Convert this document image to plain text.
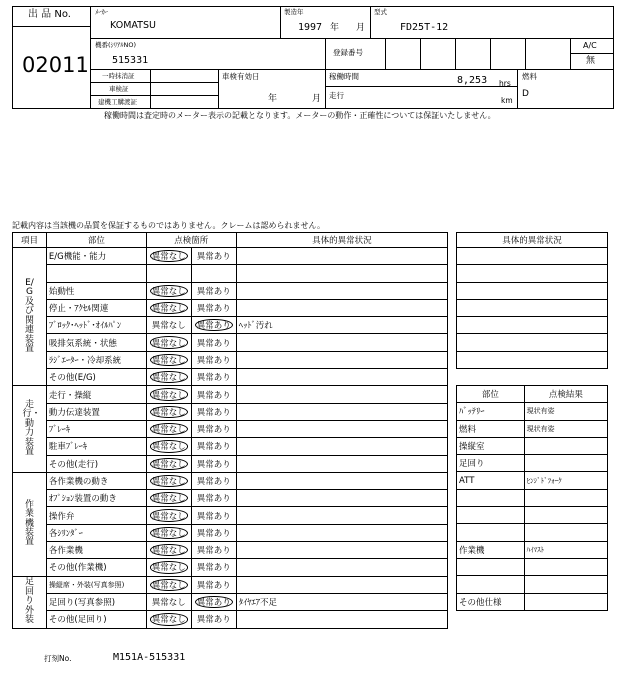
出 品 No.
02011
ﾒｰｶｰ
KOMATSU
製造年
1997 年 月
型式
FD25T-12
機番(ｼﾘｱﾙNO)
515331
登録番号
A/C
無
一時抹消証
車検証
建機工購渡証
車検有効日
年	月
稼働時間	8,253 hrs
走行
km
燃料
D
稼働時間は査定時のメーター表示の記載となります。メーターの動作・正確性については保証いたしません。
記載内容は当該機の品質を保証するものではありません。クレームは認められません。
項目	部位	点検箇所		具体的異常状況

E/G及び関連装置	E/G機能・能力	異常なし	異常あり	

	始動性	異常なし	異常あり	
	停止・ｱｸｾﾙ関連	異常なし	異常あり	
	ﾌﾞﾛｯｸ･ﾍｯﾄﾞ･ｵｲﾙﾊﾟﾝ	異常なし	異常あり	ﾍｯﾄﾞ汚れ
	吸排気系統・状態	異常なし	異常あり	
	ﾗｼﾞｴｰﾀｰ・冷却系統	異常なし	異常あり	
	その他(E/G)	異常なし	異常あり	

走行・動力装置	走行・操縦	異常なし	異常あり	
	動力伝達装置	異常なし	異常あり	
	ﾌﾞﾚｰｷ	異常なし	異常あり	
	駐車ﾌﾞﾚｰｷ	異常なし	異常あり	
	その他(走行)	異常なし	異常あり	

作業機装置	各作業機の動き	異常なし	異常あり	
	ｵﾌﾟｼｮﾝ装置の動き	異常なし	異常あり	
	操作弁	異常なし	異常あり	
	各ｼﾘﾝﾀﾞｰ	異常なし	異常あり	
	各作業機	異常なし	異常あり	
	その他(作業機)	異常なし	異常あり	

足回り外装	操縦席・外装(写真参照)	異常なし	異常あり	
	足回り(写真参照)	異常なし	異常あり	ﾀｲﾔｴｱ不足
	その他(足回り)	異常なし	異常あり	
具体的異常状況

部位	点検結果
ﾊﾞｯﾃﾘｰ	現状有姿
燃料	現状有姿
操縦室	
足回り	
ATT	ﾋﾝｼﾞﾄﾞﾌｫｰｸ

作業機	ﾊｲﾏｽﾄ

その他仕様	
打刻No.	M151A-515331
